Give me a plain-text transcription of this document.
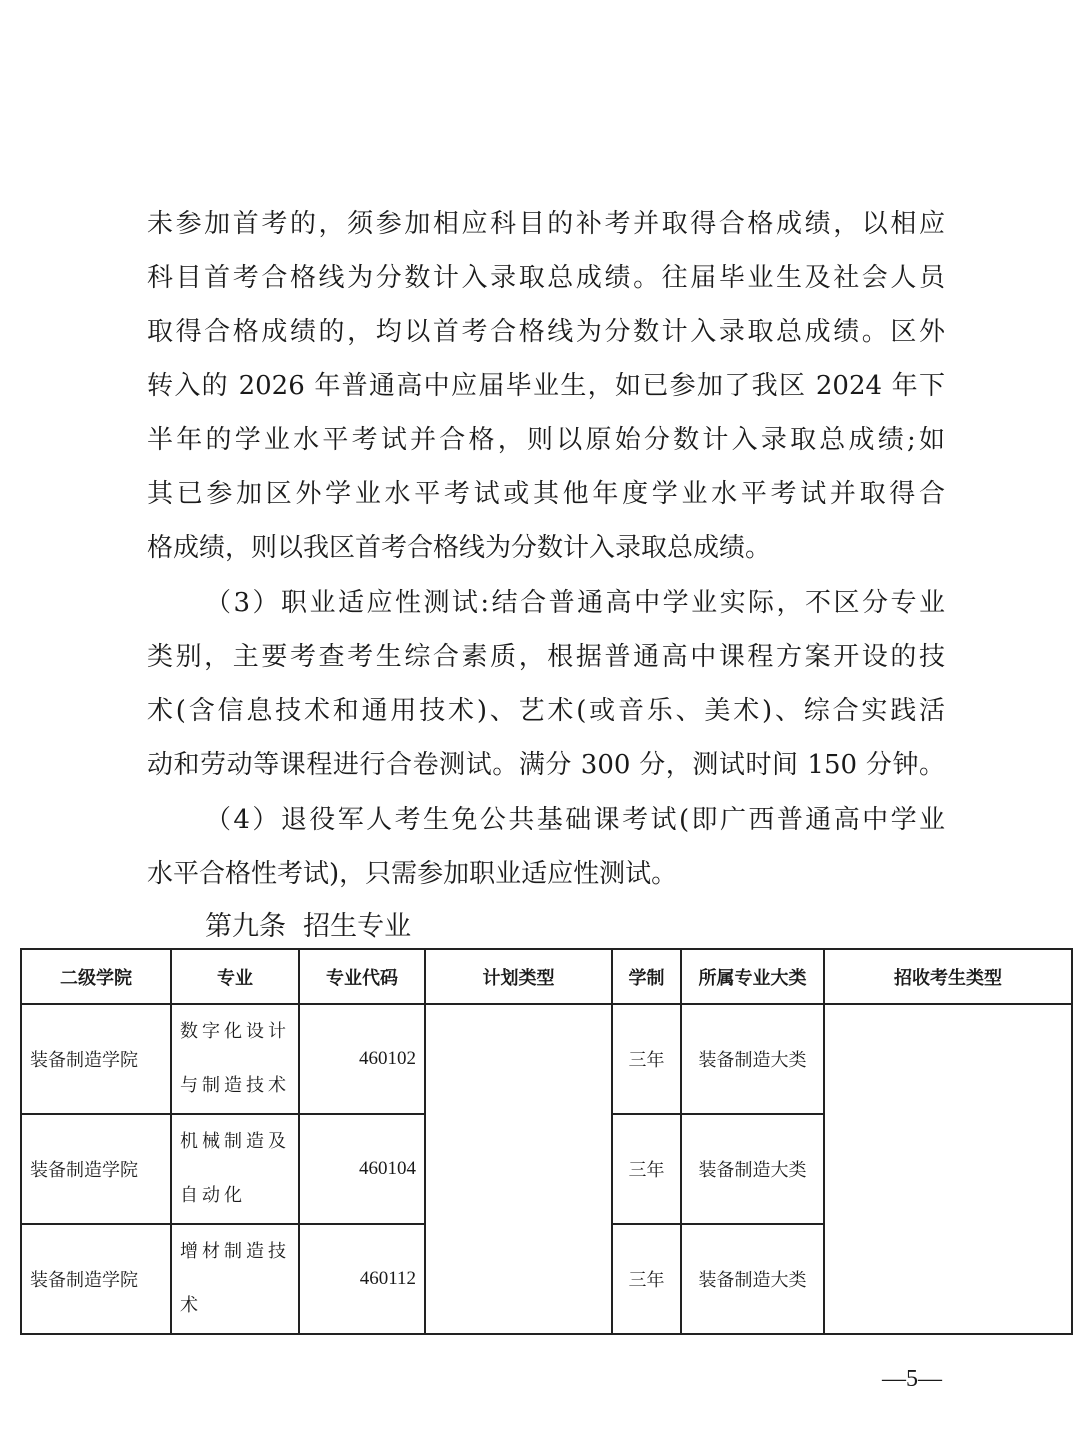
未参加首考的，须参加相应科目的补考并取得合格成绩，以相应
科目首考合格线为分数计入录取总成绩。往届毕业生及社会人员
取得合格成绩的，均以首考合格线为分数计入录取总成绩。区外
转入的 2026 年普通高中应届毕业生，如已参加了我区 2024 年下
半年的学业水平考试并合格，则以原始分数计入录取总成绩;如
其已参加区外学业水平考试或其他年度学业水平考试并取得合
格成绩，则以我区首考合格线为分数计入录取总成绩。
（3）职业适应性测试:结合普通高中学业实际，不区分专业
类别，主要考查考生综合素质，根据普通高中课程方案开设的技
术(含信息技术和通用技术)、艺术(或音乐、美术)、综合实践活
动和劳动等课程进行合卷测试。满分 300 分，测试时间 150 分钟。
（4）退役军人考生免公共基础课考试(即广西普通高中学业
水平合格性考试)，只需参加职业适应性测试。
第九条  招生专业
二级学院	专业	专业代码	计划类型	学制	所属专业大类	招收考生类型
装备制造学院	数字化设计与制造技术	460102		三年	装备制造大类	
装备制造学院	机械制造及自动化	460104		三年	装备制造大类	
装备制造学院	增材制造技术	460112		三年	装备制造大类	
—5—
